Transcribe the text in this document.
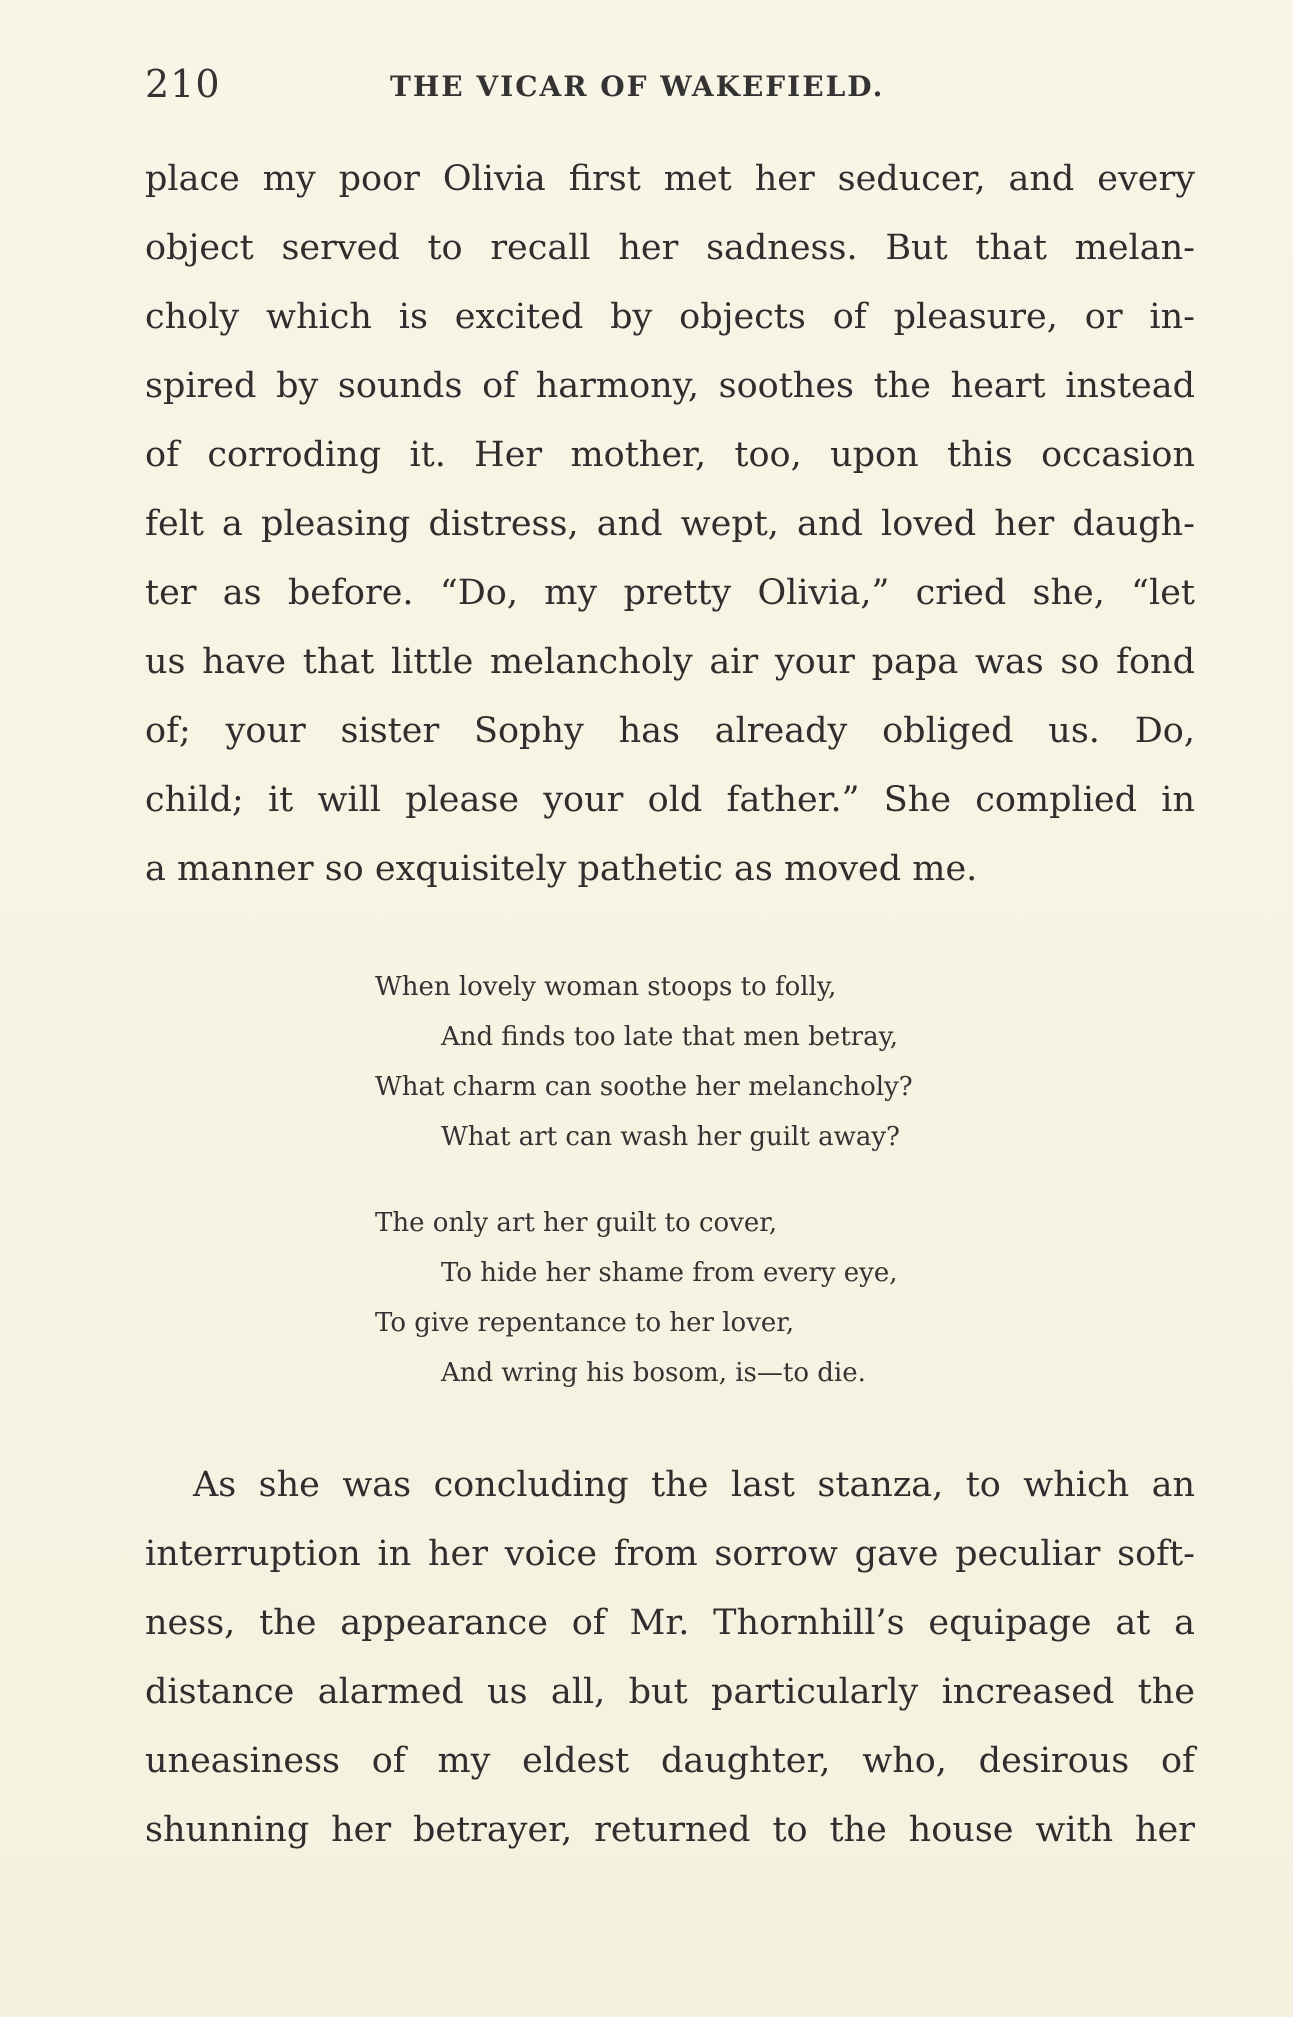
210	THE VICAR OF WAKEFIELD.
place my poor Olivia first met her seducer, and every
object served to recall her sadness. But that melan-
choly which is excited by objects of pleasure, or in-
spired by sounds of harmony, soothes the heart instead
of corroding it. Her mother, too, upon this occasion
felt a pleasing distress, and wept, and loved her daugh-
ter as before. “Do, my pretty Olivia,” cried she, “let
us have that little melancholy air your papa was so fond
of; your sister Sophy has already obliged us. Do,
child; it will please your old father.” She complied in
a manner so exquisitely pathetic as moved me.
When lovely woman stoops to folly,
And finds too late that men betray,
What charm can soothe her melancholy?
What art can wash her guilt away?
The only art her guilt to cover,
To hide her shame from every eye,
To give repentance to her lover,
And wring his bosom, is—to die.
As she was concluding the last stanza, to which an
interruption in her voice from sorrow gave peculiar soft-
ness, the appearance of Mr. Thornhill’s equipage at a
distance alarmed us all, but particularly increased the
uneasiness of my eldest daughter, who, desirous of
shunning her betrayer, returned to the house with her
